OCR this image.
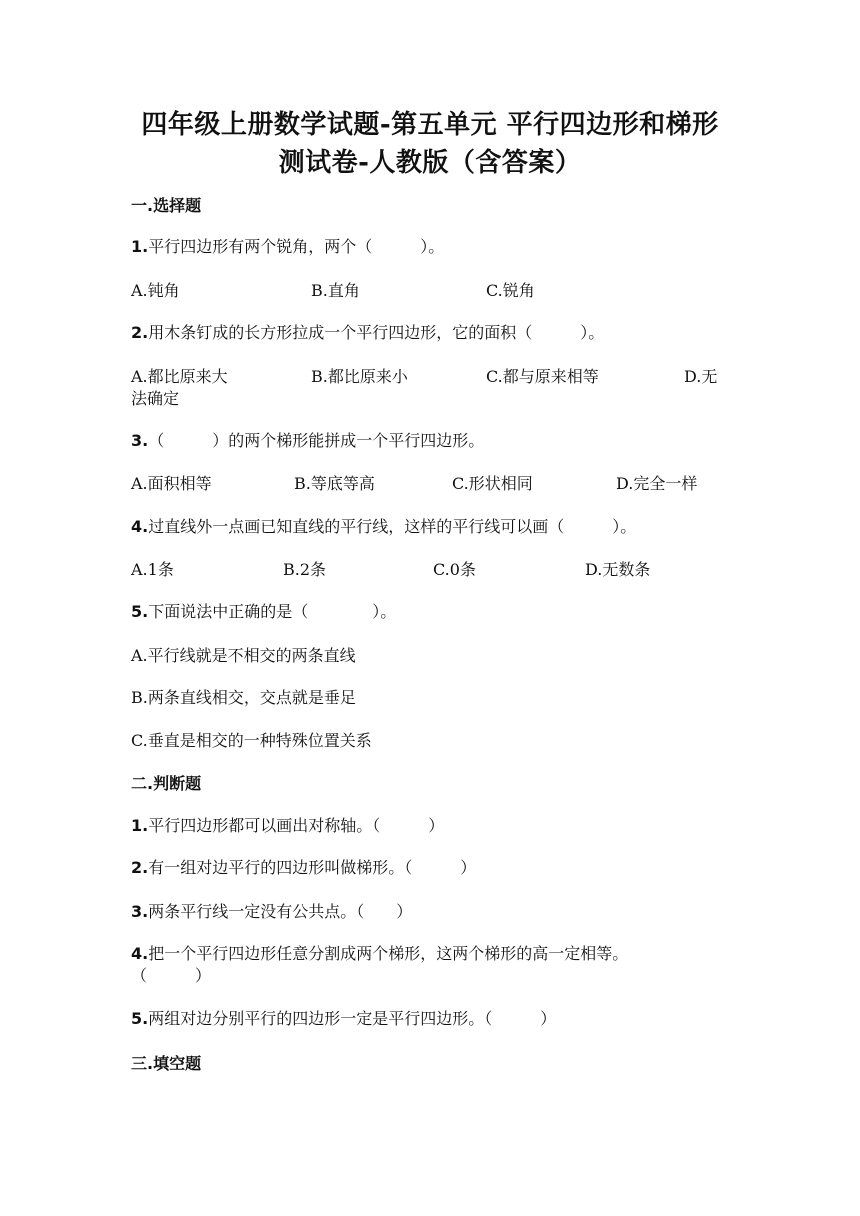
四年级上册数学试题-第五单元 平行四边形和梯形
测试卷-人教版（含答案）
一.选择题
1.平行四边形有两个锐角，两个（　　　）。
A.钝角	B.直角	C.锐角
2.用木条钉成的长方形拉成一个平行四边形，它的面积（　　　）。
A.都比原来大	B.都比原来小	C.都与原来相等	D.无
法确定
3.（　　　）的两个梯形能拼成一个平行四边形。
A.面积相等	B.等底等高	C.形状相同	D.完全一样
4.过直线外一点画已知直线的平行线，这样的平行线可以画（　　　）。
A.1条	B.2条	C.0条	D.无数条
5.下面说法中正确的是（　　　　）。
A.平行线就是不相交的两条直线
B.两条直线相交，交点就是垂足
C.垂直是相交的一种特殊位置关系
二.判断题
1.平行四边形都可以画出对称轴。（　　　）
2.有一组对边平行的四边形叫做梯形。（　　　）
3.两条平行线一定没有公共点。（　　）
4.把一个平行四边形任意分割成两个梯形，这两个梯形的高一定相等。
（　　　）
5.两组对边分别平行的四边形一定是平行四边形。（　　　）
三.填空题
